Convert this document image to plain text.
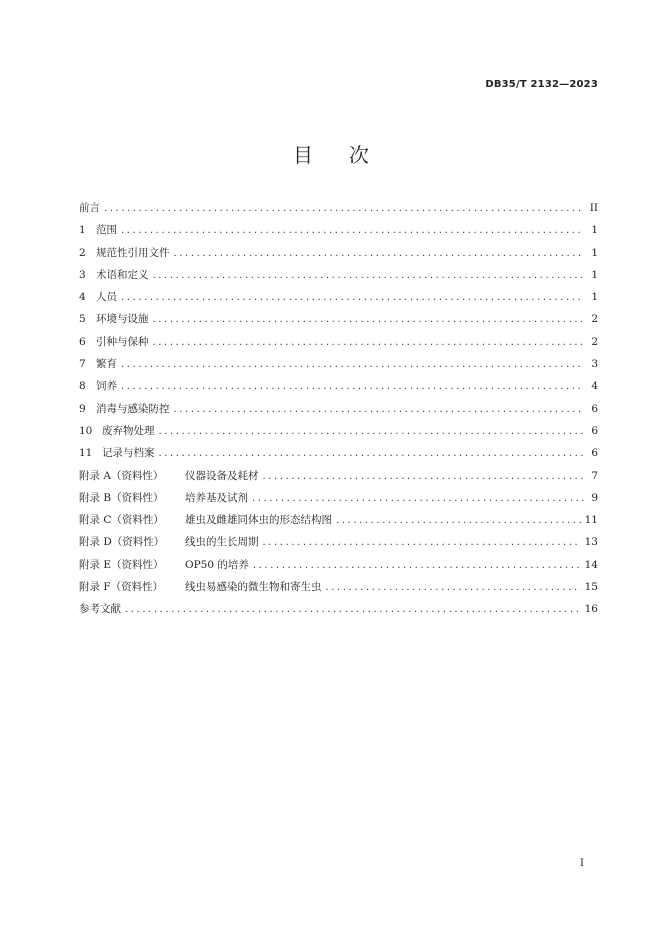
DB35/T 2132—2023
目 次
前言 .....	II
1 范围 .....	1
2 规范性引用文件 .....	1
3 术语和定义 .....	1
4 人员 .....	1
5 环境与设施 .....	2
6 引种与保种 .....	2
7 繁育 .....	3
8 饲养 .....	4
9 消毒与感染防控 .....	6
10 废弃物处理 .....	6
11 记录与档案 .....	6
附录 A（资料性）	仪器设备及耗材 .....	7
附录 B（资料性）	培养基及试剂 .....	9
附录 C（资料性）	雄虫及雌雄同体虫的形态结构图 .....	11
附录 D（资料性）	线虫的生长周期 .....	13
附录 E（资料性）	OP50 的培养 .....	14
附录 F（资料性）	线虫易感染的微生物和寄生虫 .....	15
参考文献 .....	16
I
